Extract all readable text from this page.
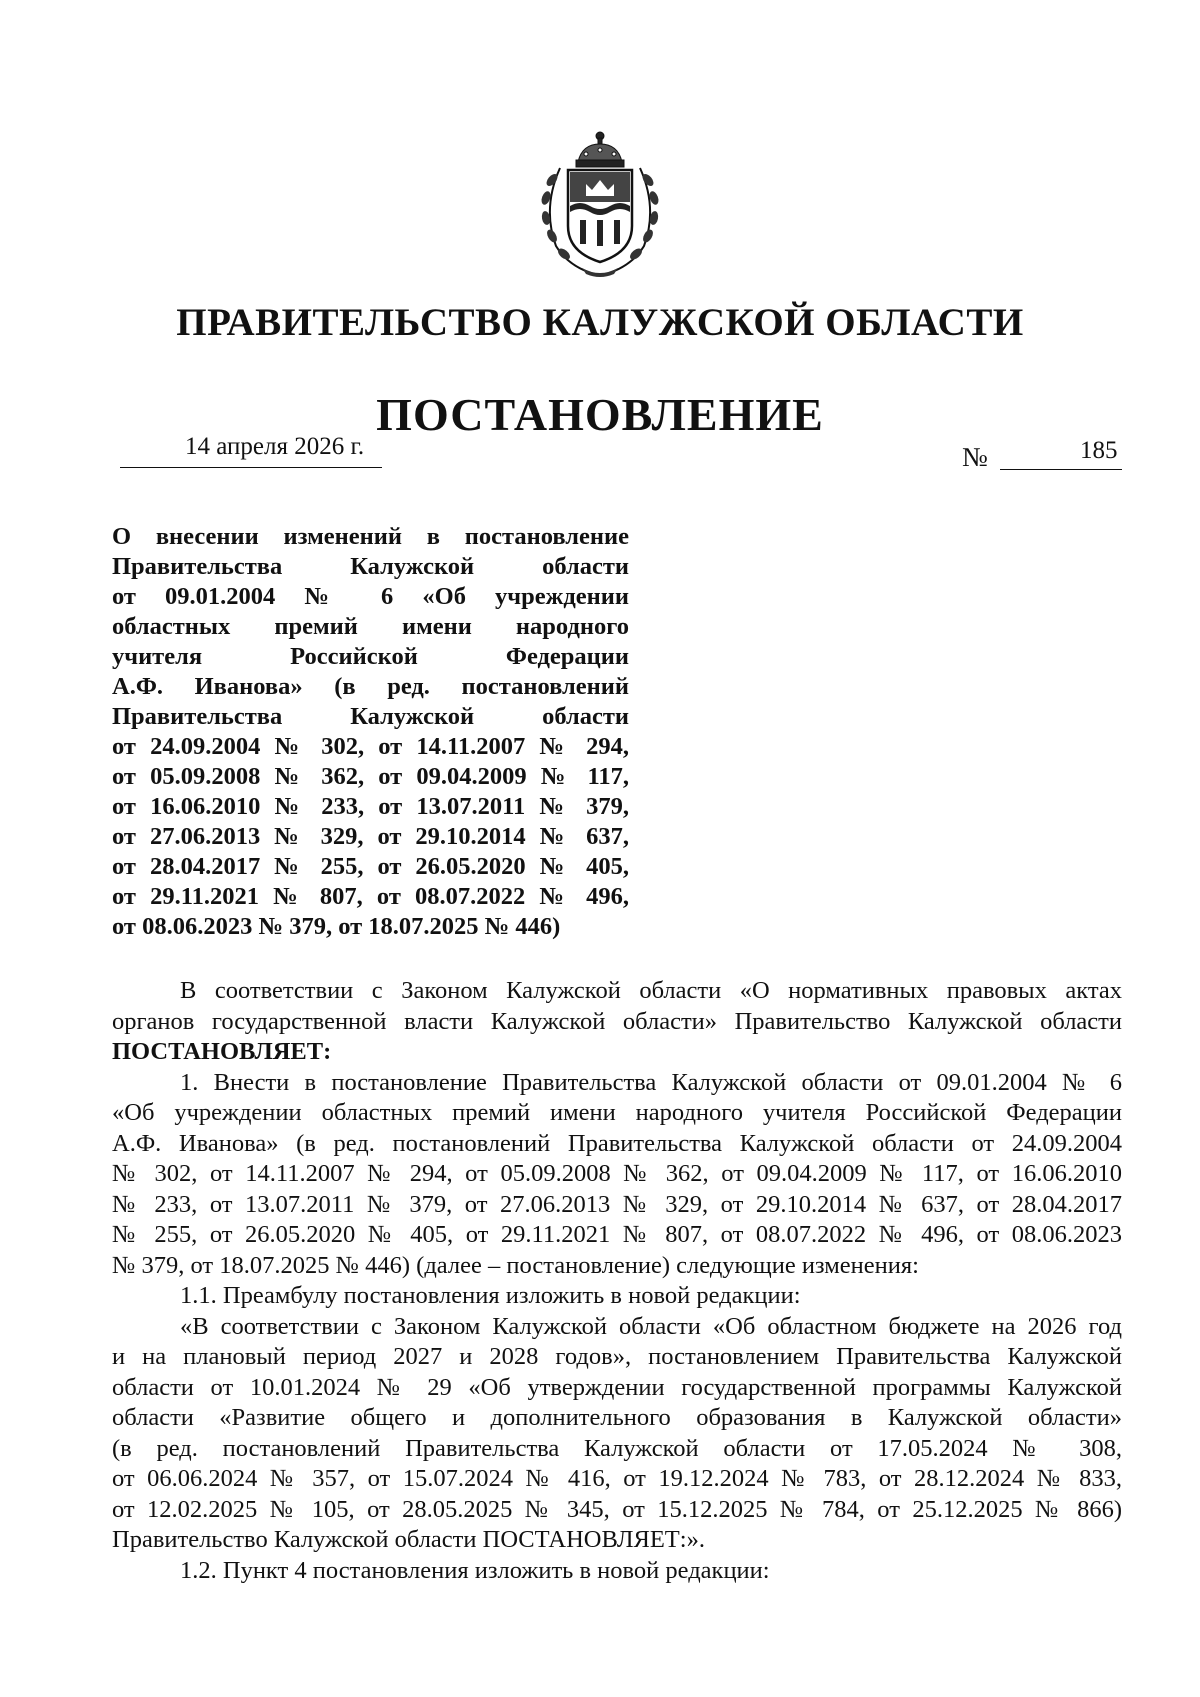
ПРАВИТЕЛЬСТВО КАЛУЖСКОЙ ОБЛАСТИ
ПОСТАНОВЛЕНИЕ
14 апреля 2026 г.	№	185
О внесении изменений в постановление
Правительства Калужской области
от 09.01.2004 № 6 «Об учреждении
областных премий имени народного
учителя Российской Федерации
А.Ф. Иванова» (в ред. постановлений
Правительства Калужской области
от 24.09.2004 № 302, от 14.11.2007 № 294,
от 05.09.2008 № 362, от 09.04.2009 № 117,
от 16.06.2010 № 233, от 13.07.2011 № 379,
от 27.06.2013 № 329, от 29.10.2014 № 637,
от 28.04.2017 № 255, от 26.05.2020 № 405,
от 29.11.2021 № 807, от 08.07.2022 № 496,
от 08.06.2023 № 379, от 18.07.2025 № 446)
В соответствии с Законом Калужской области «О нормативных правовых актах
органов государственной власти Калужской области» Правительство Калужской области
ПОСТАНОВЛЯЕТ:
1. Внести в постановление Правительства Калужской области от 09.01.2004 № 6
«Об учреждении областных премий имени народного учителя Российской Федерации
А.Ф. Иванова» (в ред. постановлений Правительства Калужской области от 24.09.2004
№ 302, от 14.11.2007 № 294, от 05.09.2008 № 362, от 09.04.2009 № 117, от 16.06.2010
№ 233, от 13.07.2011 № 379, от 27.06.2013 № 329, от 29.10.2014 № 637, от 28.04.2017
№ 255, от 26.05.2020 № 405, от 29.11.2021 № 807, от 08.07.2022 № 496, от 08.06.2023
№ 379, от 18.07.2025 № 446) (далее – постановление) следующие изменения:
1.1. Преамбулу постановления изложить в новой редакции:
«В соответствии с Законом Калужской области «Об областном бюджете на 2026 год
и на плановый период 2027 и 2028 годов», постановлением Правительства Калужской
области от 10.01.2024 № 29 «Об утверждении государственной программы Калужской
области «Развитие общего и дополнительного образования в Калужской области»
(в ред. постановлений Правительства Калужской области от 17.05.2024 № 308,
от 06.06.2024 № 357, от 15.07.2024 № 416, от 19.12.2024 № 783, от 28.12.2024 № 833,
от 12.02.2025 № 105, от 28.05.2025 № 345, от 15.12.2025 № 784, от 25.12.2025 № 866)
Правительство Калужской области ПОСТАНОВЛЯЕТ:».
1.2. Пункт 4 постановления изложить в новой редакции:
